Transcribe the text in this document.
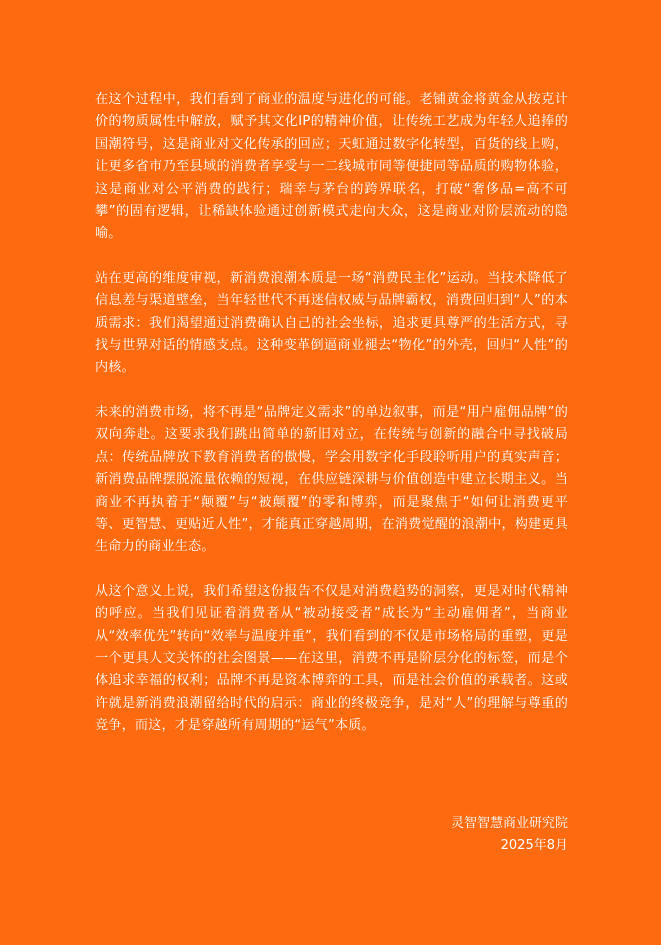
在这个过程中，我们看到了商业的温度与进化的可能。老铺黄金将黄金从按克计价的物质属性中解放，赋予其文化IP的精神价值，让传统工艺成为年轻人追捧的国潮符号，这是商业对文化传承的回应；天虹通过数字化转型，百货的线上购，让更多省市乃至县域的消费者享受与一二线城市同等便捷同等品质的购物体验，这是商业对公平消费的践行；瑞幸与茅台的跨界联名，打破“奢侈品=高不可攀”的固有逻辑，让稀缺体验通过创新模式走向大众，这是商业对阶层流动的隐喻。

站在更高的维度审视，新消费浪潮本质是一场“消费民主化”运动。当技术降低了信息差与渠道壁垒，当年轻世代不再迷信权威与品牌霸权，消费回归到“人”的本质需求：我们渴望通过消费确认自己的社会坐标，追求更具尊严的生活方式，寻找与世界对话的情感支点。这种变革倒逼商业褪去“物化”的外壳，回归“人性”的内核。

未来的消费市场，将不再是“品牌定义需求”的单边叙事，而是“用户雇佣品牌”的双向奔赴。这要求我们跳出简单的新旧对立，在传统与创新的融合中寻找破局点：传统品牌放下教育消费者的傲慢，学会用数字化手段聆听用户的真实声音；新消费品牌摆脱流量依赖的短视，在供应链深耕与价值创造中建立长期主义。当商业不再执着于“颠覆”与“被颠覆”的零和博弈，而是聚焦于“如何让消费更平等、更智慧、更贴近人性”，才能真正穿越周期，在消费觉醒的浪潮中，构建更具生命力的商业生态。

从这个意义上说，我们希望这份报告不仅是对消费趋势的洞察，更是对时代精神的呼应。当我们见证着消费者从“被动接受者”成长为“主动雇佣者”，当商业从“效率优先”转向“效率与温度并重”，我们看到的不仅是市场格局的重塑，更是一个更具人文关怀的社会图景——在这里，消费不再是阶层分化的标签，而是个体追求幸福的权利；品牌不再是资本博弈的工具，而是社会价值的承载者。这或许就是新消费浪潮留给时代的启示：商业的终极竞争，是对“人”的理解与尊重的竞争，而这，才是穿越所有周期的“运气”本质。

灵智智慧商业研究院
2025年8月
